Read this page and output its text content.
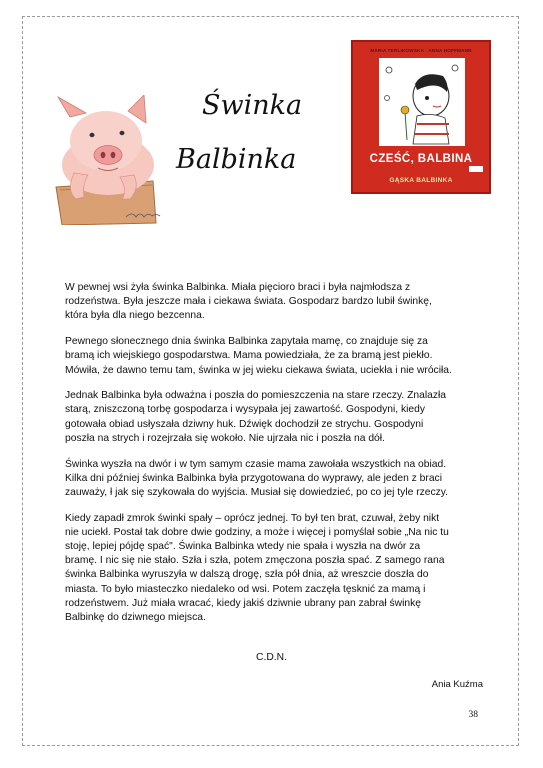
Świnka
Balbinka
MARIA TERLIKOWSKA · ANNA HOFFMANN
CZEŚĆ, BALBINA
GĄSKA BALBINKA

W pewnej wsi żyła świnka Balbinka. Miała pięcioro braci i była najmłodsza z
rodzeństwa. Była jeszcze mała i ciekawa świata. Gospodarz bardzo lubił świnkę,
która była dla niego bezcenna.

Pewnego słonecznego dnia świnka Balbinka zapytała mamę, co znajduje się za
bramą ich wiejskiego gospodarstwa. Mama powiedziała, że za bramą jest piekło.
Mówiła, że dawno temu tam, świnka w jej wieku ciekawa świata, uciekła i nie wróciła.

Jednak Balbinka była odważna i poszła do pomieszczenia na stare rzeczy. Znalazła
starą, zniszczoną torbę gospodarza i wysypała jej zawartość. Gospodyni, kiedy
gotowała obiad usłyszała dziwny huk. Dźwięk dochodził ze strychu. Gospodyni
poszła na strych i rozejrzała się wokoło. Nie ujrzała nic i poszła na dół.

Świnka wyszła na dwór i w tym samym czasie mama zawołała wszystkich na obiad.
Kilka dni później świnka Balbinka była przygotowana do wyprawy, ale jeden z braci
zauważy, ł jak się szykowała do wyjścia. Musiał się dowiedzieć, po co jej tyle rzeczy.

Kiedy zapadł zmrok świnki spały – oprócz jednej. To był ten brat, czuwał, żeby nikt
nie uciekł. Postał tak dobre dwie godziny, a może i więcej i pomyślał sobie „Na nic tu
stoję, lepiej pójdę spać". Świnka Balbinka wtedy nie spała i wyszła na dwór za
bramę. I nic się nie stało. Szła i szła, potem zmęczona poszła spać. Z samego rana
świnka Balbinka wyruszyła w dalszą drogę, szła pół dnia, aż wreszcie doszła do
miasta. To było miasteczko niedaleko od wsi. Potem zaczęła tęsknić za mamą i
rodzeństwem. Już miała wracać, kiedy jakiś dziwnie ubrany pan zabrał świnkę
Balbinkę do dziwnego miejsca.

C.D.N.
Ania Kuźma
38
